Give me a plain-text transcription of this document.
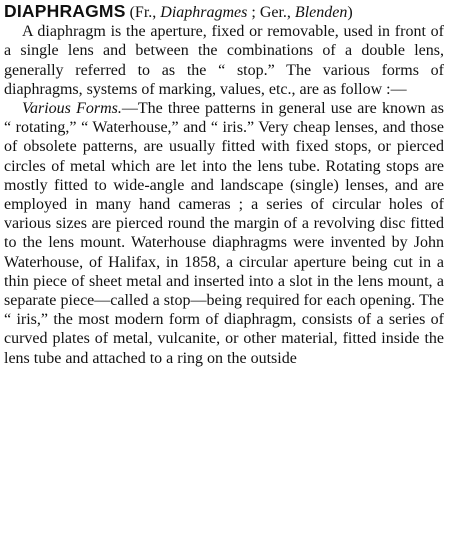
DIAPHRAGMS (Fr., Diaphragmes ; Ger., Blenden)

A diaphragm is the aperture, fixed or removable, used in front of a single lens and between the combinations of a double lens, generally referred to as the “ stop.” The various forms of diaphragms, systems of marking, values, etc., are as follow :—

Various Forms.—The three patterns in general use are known as “ rotating,” “ Waterhouse,” and “ iris.” Very cheap lenses, and those of obsolete patterns, are usually fitted with fixed stops, or pierced circles of metal which are let into the lens tube. Rotating stops are mostly fitted to wide-angle and landscape (single) lenses, and are employed in many hand cameras ; a series of circular holes of various sizes are pierced round the margin of a revolving disc fitted to the lens mount. Waterhouse diaphragms were invented by John Waterhouse, of Halifax, in 1858, a circular aperture being cut in a thin piece of sheet metal and inserted into a slot in the lens mount, a separate piece—called a stop—being required for each opening. The “ iris,” the most modern form of diaphragm, consists of a series of curved plates of metal, vulcanite, or other material, fitted inside the lens tube and attached to a ring on the outside
